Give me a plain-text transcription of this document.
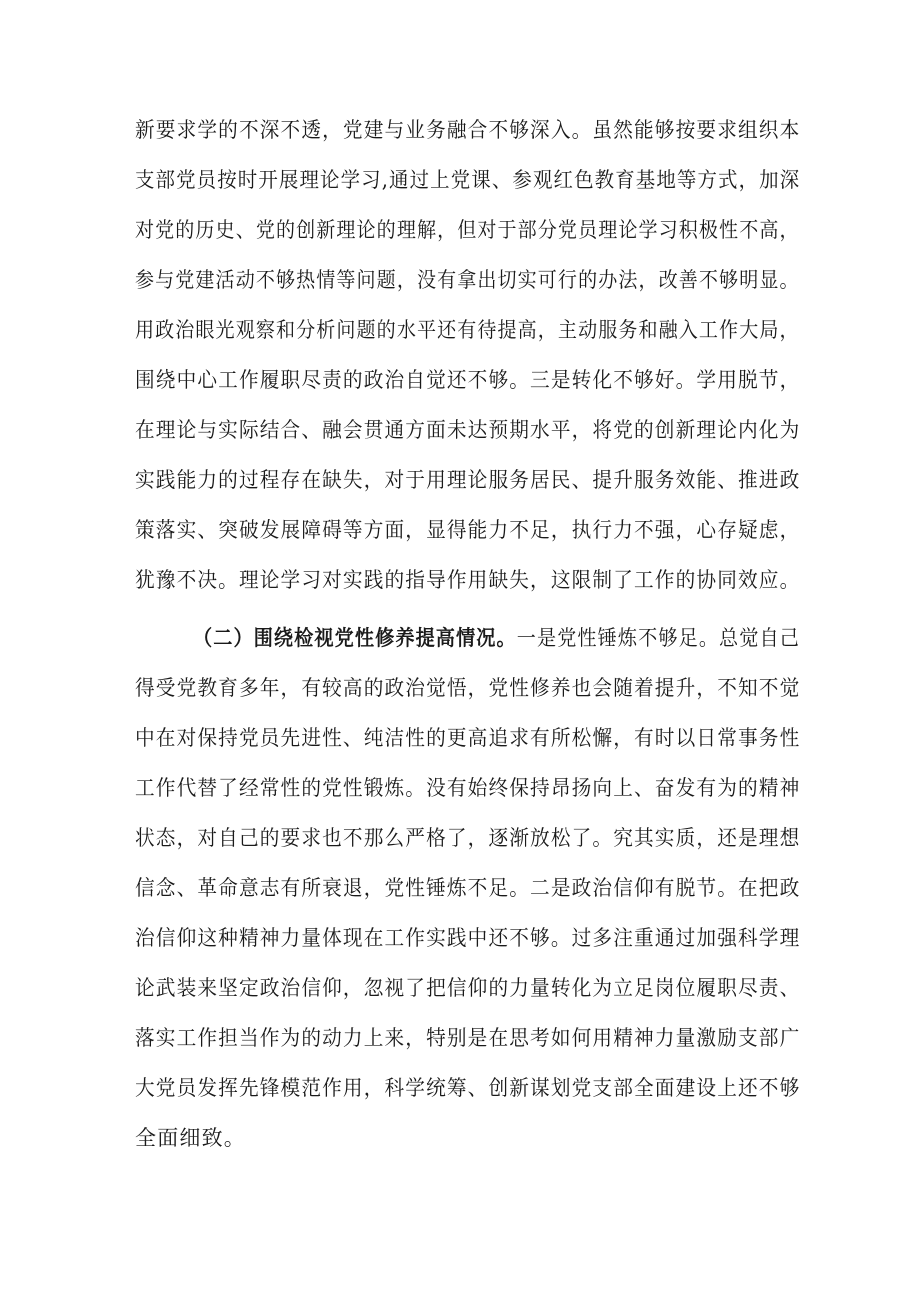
新要求学的不深不透，党建与业务融合不够深入。虽然能够按要求组织本
支部党员按时开展理论学习,通过上党课、参观红色教育基地等方式，加深
对党的历史、党的创新理论的理解，但对于部分党员理论学习积极性不高，
参与党建活动不够热情等问题，没有拿出切实可行的办法，改善不够明显。
用政治眼光观察和分析问题的水平还有待提高，主动服务和融入工作大局，
围绕中心工作履职尽责的政治自觉还不够。三是转化不够好。学用脱节，
在理论与实际结合、融会贯通方面未达预期水平，将党的创新理论内化为
实践能力的过程存在缺失，对于用理论服务居民、提升服务效能、推进政
策落实、突破发展障碍等方面，显得能力不足，执行力不强，心存疑虑，
犹豫不决。理论学习对实践的指导作用缺失，这限制了工作的协同效应。
（二）围绕检视党性修养提高情况。一是党性锤炼不够足。总觉自己
得受党教育多年，有较高的政治觉悟，党性修养也会随着提升，不知不觉
中在对保持党员先进性、纯洁性的更高追求有所松懈，有时以日常事务性
工作代替了经常性的党性锻炼。没有始终保持昂扬向上、奋发有为的精神
状态，对自己的要求也不那么严格了，逐渐放松了。究其实质，还是理想
信念、革命意志有所衰退，党性锤炼不足。二是政治信仰有脱节。在把政
治信仰这种精神力量体现在工作实践中还不够。过多注重通过加强科学理
论武装来坚定政治信仰，忽视了把信仰的力量转化为立足岗位履职尽责、
落实工作担当作为的动力上来，特别是在思考如何用精神力量激励支部广
大党员发挥先锋模范作用，科学统筹、创新谋划党支部全面建设上还不够
全面细致。
